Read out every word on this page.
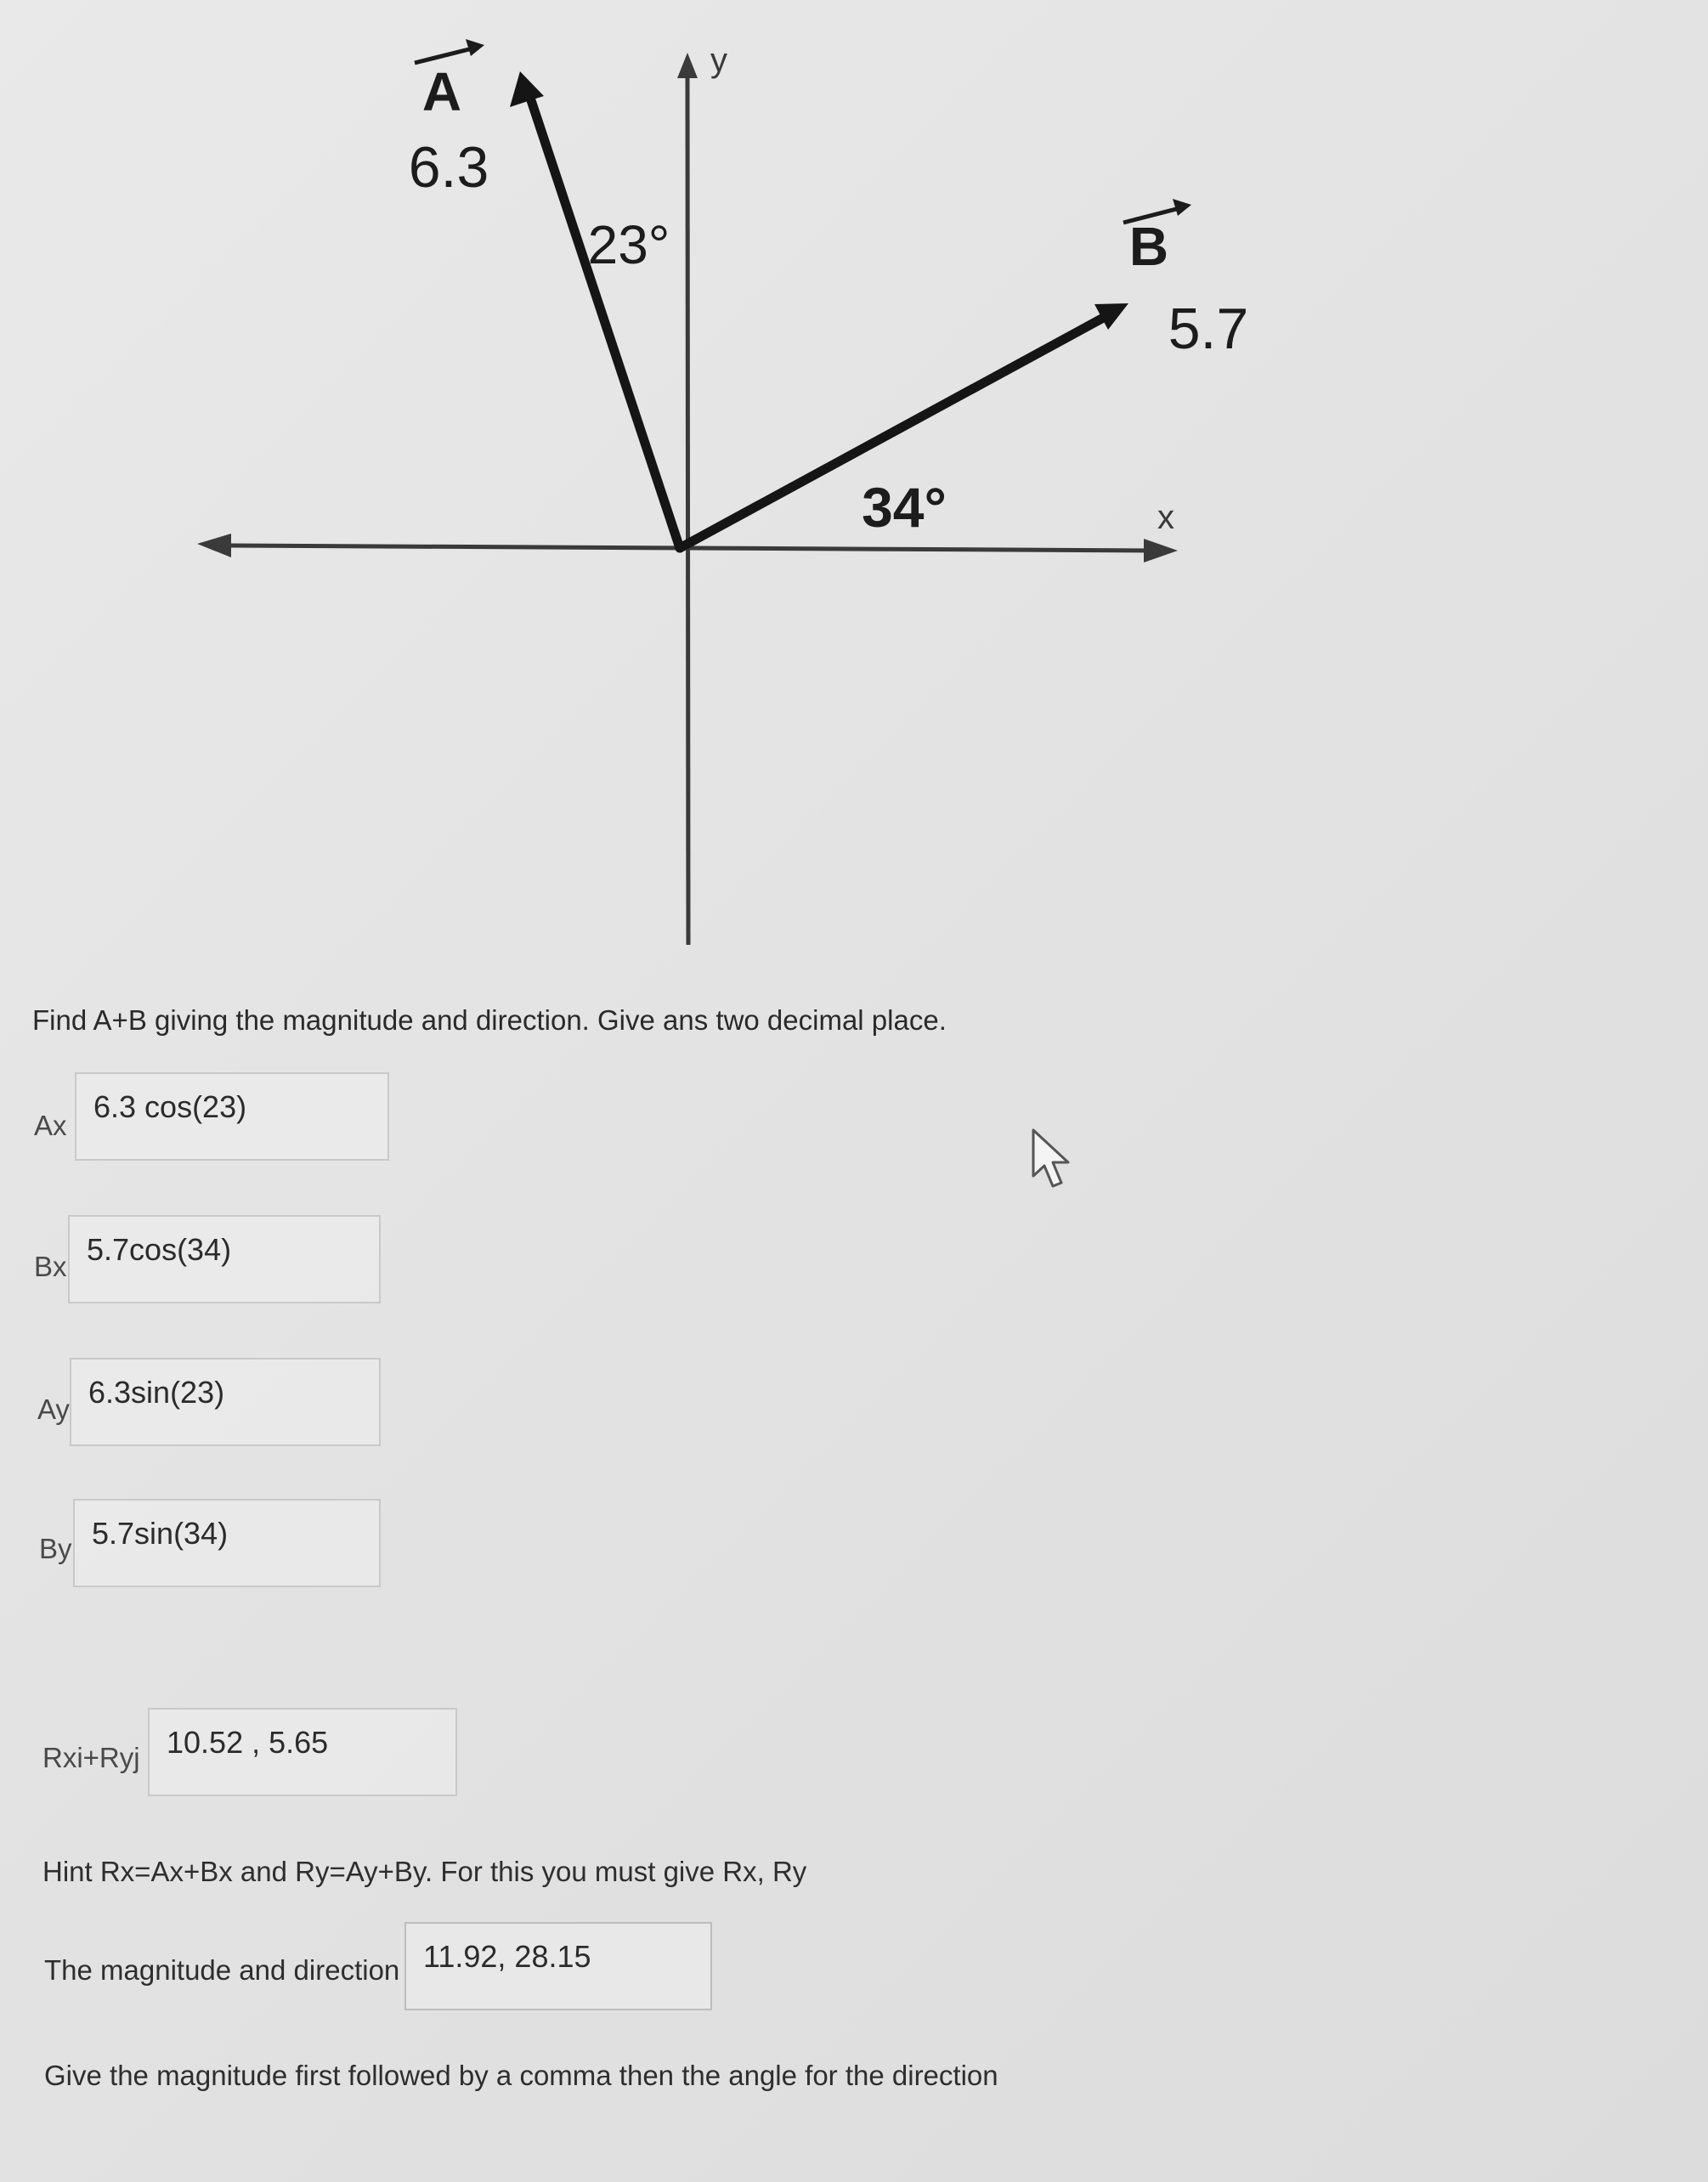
A
6.3
23°	B
5.7
34°	x
y
Find A+B giving the magnitude and direction. Give ans two decimal place.
Ax
6.3 cos(23)
Bx 5.7cos(34)
Ay 6.3sin(23)
By 5.7sin(34)
Rxi+Ryj 10.52 , 5.65
Hint Rx=Ax+Bx and Ry=Ay+By. For this you must give Rx, Ry
The magnitude and direction 11.92, 28.15
Give the magnitude first followed by a comma then the angle for the direction
